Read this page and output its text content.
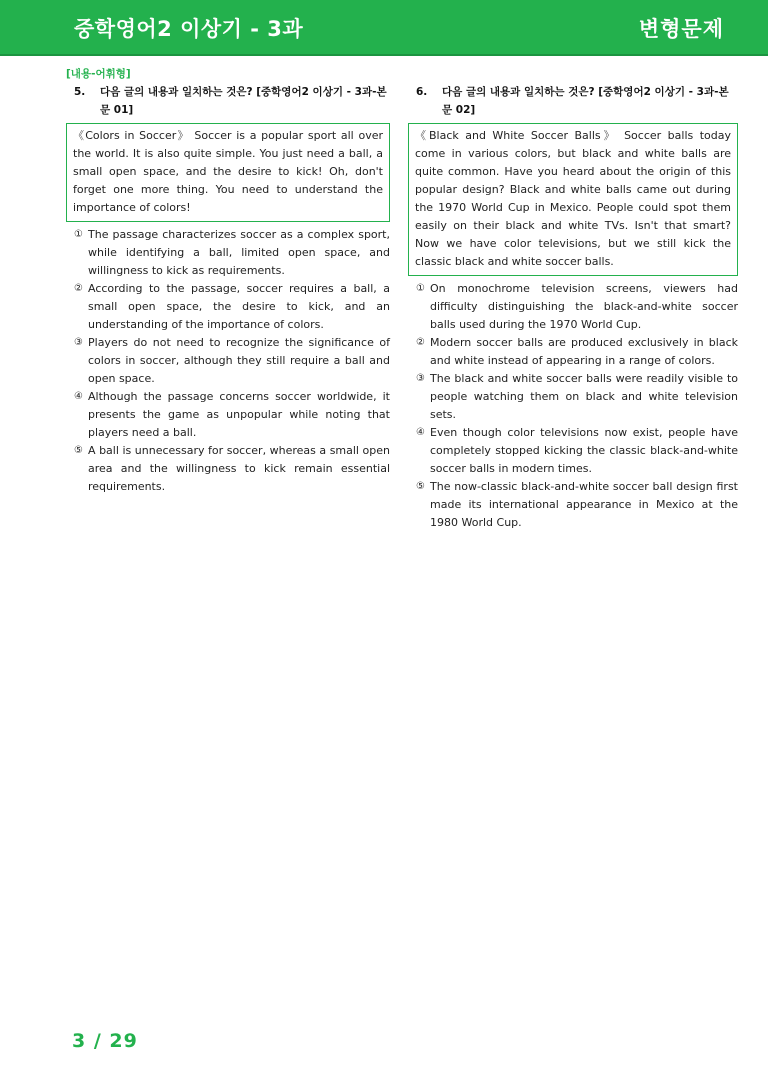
중학영어2 이상기 - 3과	변형문제
[내용-어휘형]
5.	다음 글의 내용과 일치하는 것은? [중학영어2 이상기 - 3과-본문 01]
《Colors in Soccer》 Soccer is a popular sport all over the world. It is also quite simple. You just need a ball, a small open space, and the desire to kick! Oh, don't forget one more thing. You need to understand the importance of colors!
① The passage characterizes soccer as a complex sport, while identifying a ball, limited open space, and willingness to kick as requirements.
② According to the passage, soccer requires a ball, a small open space, the desire to kick, and an understanding of the importance of colors.
③ Players do not need to recognize the significance of colors in soccer, although they still require a ball and open space.
④ Although the passage concerns soccer worldwide, it presents the game as unpopular while noting that players need a ball.
⑤ A ball is unnecessary for soccer, whereas a small open area and the willingness to kick remain essential requirements.
6.	다음 글의 내용과 일치하는 것은? [중학영어2 이상기 - 3과-본문 02]
《Black and White Soccer Balls》 Soccer balls today come in various colors, but black and white balls are quite common. Have you heard about the origin of this popular design? Black and white balls came out during the 1970 World Cup in Mexico. People could spot them easily on their black and white TVs. Isn't that smart? Now we have color televisions, but we still kick the classic black and white soccer balls.
① On monochrome television screens, viewers had difficulty distinguishing the black-and-white soccer balls used during the 1970 World Cup.
② Modern soccer balls are produced exclusively in black and white instead of appearing in a range of colors.
③ The black and white soccer balls were readily visible to people watching them on black and white television sets.
④ Even though color televisions now exist, people have completely stopped kicking the classic black-and-white soccer balls in modern times.
⑤ The now-classic black-and-white soccer ball design first made its international appearance in Mexico at the 1980 World Cup.
3 / 29
